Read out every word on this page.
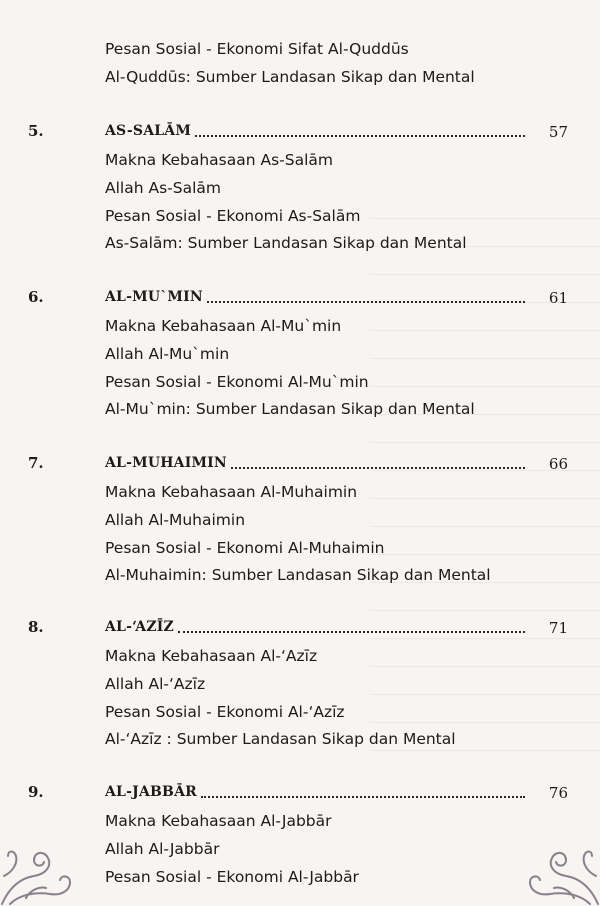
Pesan Sosial - Ekonomi Sifat Al-Quddūs
Al-Quddūs: Sumber Landasan Sikap dan Mental
5.	AS-SALĀM	57
Makna Kebahasaan As-Salām
Allah As-Salām
Pesan Sosial - Ekonomi As-Salām
As-Salām: Sumber Landasan Sikap dan Mental
6.	AL-MU`MIN	61
Makna Kebahasaan Al-Mu`min
Allah Al-Mu`min
Pesan Sosial - Ekonomi Al-Mu`min
Al-Mu`min: Sumber Landasan Sikap dan Mental
7.	AL-MUHAIMIN	66
Makna Kebahasaan Al-Muhaimin
Allah Al-Muhaimin
Pesan Sosial - Ekonomi Al-Muhaimin
Al-Muhaimin: Sumber Landasan Sikap dan Mental
8.	AL-‘AZĪZ	71
Makna Kebahasaan Al-‘Azīz
Allah Al-‘Azīz
Pesan Sosial - Ekonomi Al-‘Azīz
Al-‘Azīz : Sumber Landasan Sikap dan Mental
9.	AL-JABBĀR	76
Makna Kebahasaan Al-Jabbār
Allah Al-Jabbār
Pesan Sosial - Ekonomi Al-Jabbār
